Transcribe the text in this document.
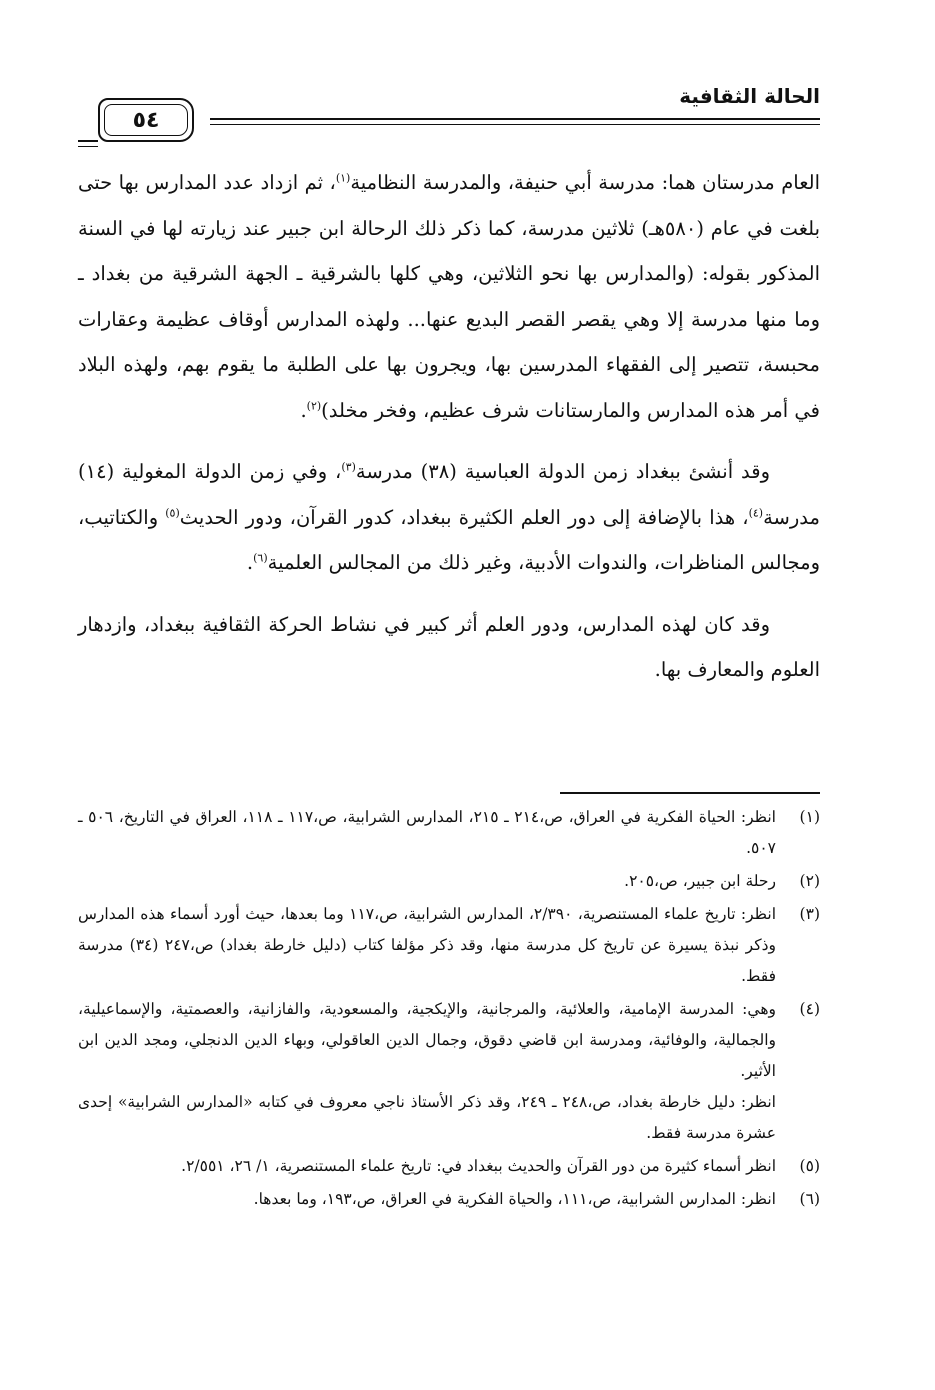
الحالة الثقافية
٥٤

العام مدرستان هما: مدرسة أبي حنيفة، والمدرسة النظامية$^{(١)}$، ثم ازداد عدد المدارس بها حتى بلغت في عام (٥٨٠هـ) ثلاثين مدرسة، كما ذكر ذلك الرحالة ابن جبير عند زيارته لها في السنة المذكور بقوله: (والمدارس بها نحو الثلاثين، وهي كلها بالشرقية ـ الجهة الشرقية من بغداد ـ وما منها مدرسة إلا وهي يقصر القصر البديع عنها... ولهذه المدارس أوقاف عظيمة وعقارات محبسة، تتصير إلى الفقهاء المدرسين بها، ويجرون بها على الطلبة ما يقوم بهم، ولهذه البلاد في أمر هذه المدارس والمارستانات شرف عظيم، وفخر مخلد)$^{(٢)}$.

وقد أنشئ ببغداد زمن الدولة العباسية (٣٨) مدرسة$^{(٣)}$، وفي زمن الدولة المغولية (١٤) مدرسة$^{(٤)}$، هذا بالإضافة إلى دور العلم الكثيرة ببغداد، كدور القرآن، ودور الحديث$^{(٥)}$ والكتاتيب، ومجالس المناظرات، والندوات الأدبية، وغير ذلك من المجالس العلمية$^{(٦)}$.

وقد كان لهذه المدارس، ودور العلم أثر كبير في نشاط الحركة الثقافية ببغداد، وازدهار العلوم والمعارف بها.

(١)
انظر: الحياة الفكرية في العراق، ص،٢١٤ ـ ٢١٥، المدارس الشرابية، ص،١١٧ ـ ١١٨، العراق في التاريخ، ٥٠٦ ـ ٥٠٧.
(٢)
رحلة ابن جبير، ص،٢٠٥.
(٣)
انظر: تاريخ علماء المستنصرية، ٢/٣٩٠، المدارس الشرابية، ص،١١٧ وما بعدها، حيث أورد أسماء هذه المدارس وذكر نبذة يسيرة عن تاريخ كل مدرسة منها، وقد ذكر مؤلفا كتاب (دليل خارطة بغداد) ص،٢٤٧ (٣٤) مدرسة فقط.
(٤)
وهي: المدرسة الإمامية، والعلائية، والمرجانية، والإيكجية، والمسعودية، والفازانية، والعصمتية، والإسماعيلية، والجمالية، والوفائية، ومدرسة ابن قاضي دقوق، وجمال الدين العاقولي، وبهاء الدين الدنجلي، ومجد الدين ابن الأثير.
انظر: دليل خارطة بغداد، ص،٢٤٨ ـ ٢٤٩، وقد ذكر الأستاذ ناجي معروف في كتابه «المدارس الشرابية» إحدى عشرة مدرسة فقط.
(٥)
انظر أسماء كثيرة من دور القرآن والحديث ببغداد في: تاريخ علماء المستنصرية، ١/ ٢٦، ٢/٥٥١.
(٦)
انظر: المدارس الشرابية، ص،١١١، والحياة الفكرية في العراق، ص،١٩٣، وما بعدها.
